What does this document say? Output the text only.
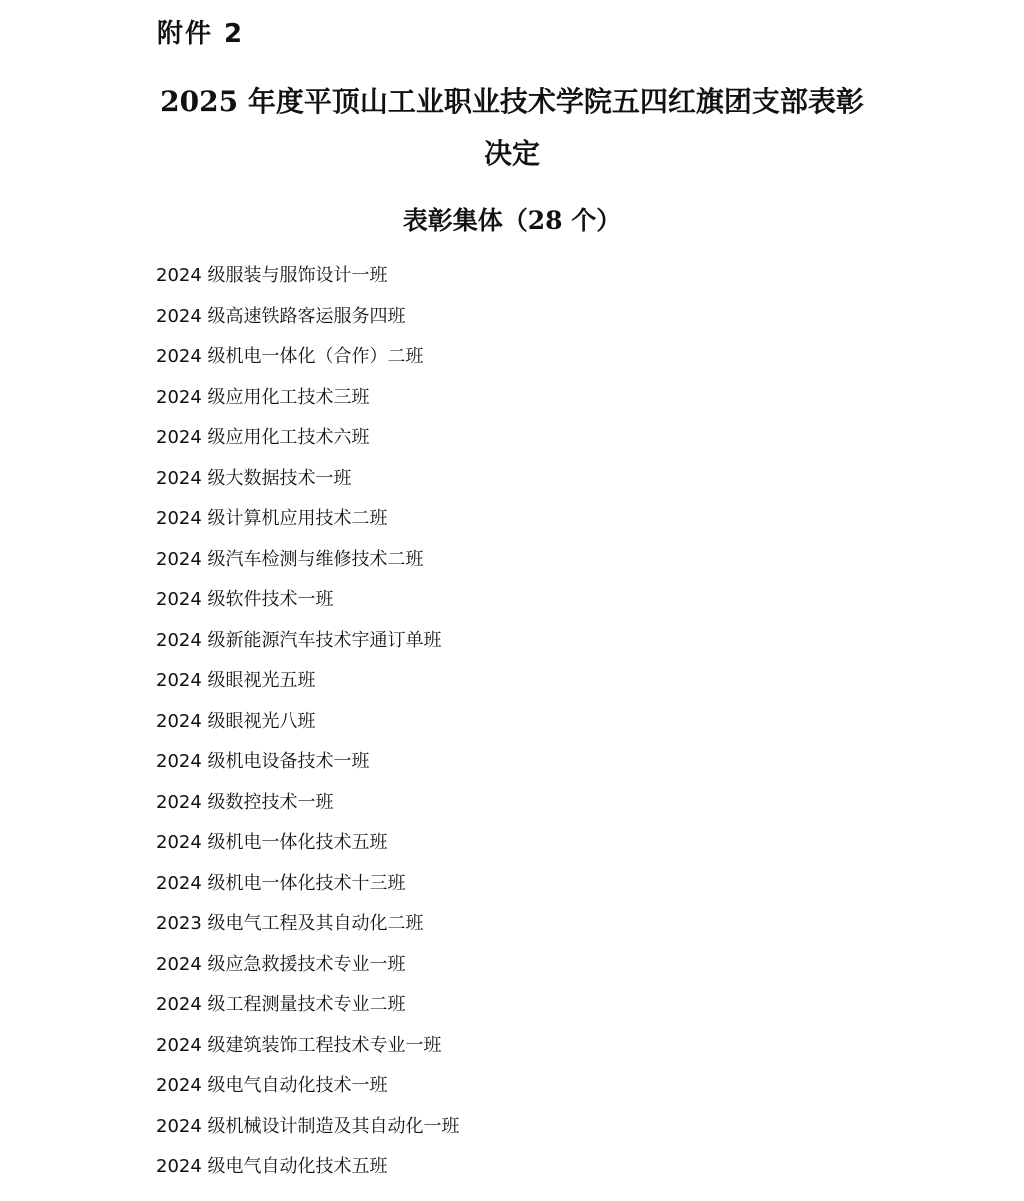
附件 2
2025 年度平顶山工业职业技术学院五四红旗团支部表彰
决定
表彰集体（28 个）
2024 级服装与服饰设计一班
2024 级高速铁路客运服务四班
2024 级机电一体化（合作）二班
2024 级应用化工技术三班
2024 级应用化工技术六班
2024 级大数据技术一班
2024 级计算机应用技术二班
2024 级汽车检测与维修技术二班
2024 级软件技术一班
2024 级新能源汽车技术宇通订单班
2024 级眼视光五班
2024 级眼视光八班
2024 级机电设备技术一班
2024 级数控技术一班
2024 级机电一体化技术五班
2024 级机电一体化技术十三班
2023 级电气工程及其自动化二班
2024 级应急救援技术专业一班
2024 级工程测量技术专业二班
2024 级建筑装饰工程技术专业一班
2024 级电气自动化技术一班
2024 级机械设计制造及其自动化一班
2024 级电气自动化技术五班
